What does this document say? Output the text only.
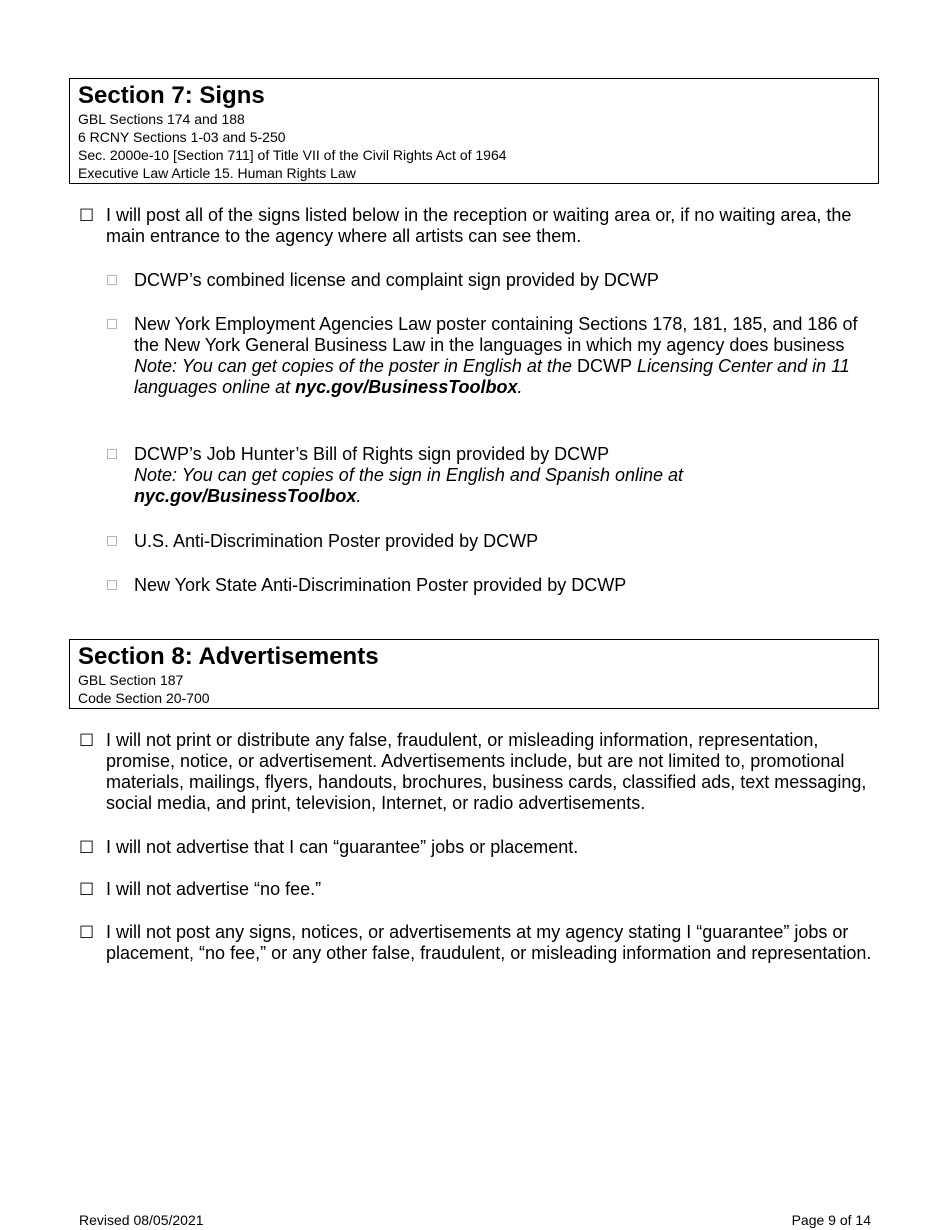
Section 7: Signs
GBL Sections 174 and 188
6 RCNY Sections 1-03 and 5-250
Sec. 2000e-10 [Section 711] of Title VII of the Civil Rights Act of 1964
Executive Law Article 15. Human Rights Law
☐ I will post all of the signs listed below in the reception or waiting area or, if no waiting area, the main entrance to the agency where all artists can see them.
DCWP’s combined license and complaint sign provided by DCWP
New York Employment Agencies Law poster containing Sections 178, 181, 185, and 186 of the New York General Business Law in the languages in which my agency does business
Note: You can get copies of the poster in English at the DCWP Licensing Center and in 11 languages online at nyc.gov/BusinessToolbox.
DCWP’s Job Hunter’s Bill of Rights sign provided by DCWP
Note: You can get copies of the sign in English and Spanish online at
nyc.gov/BusinessToolbox.
U.S. Anti-Discrimination Poster provided by DCWP
New York State Anti-Discrimination Poster provided by DCWP
Section 8: Advertisements
GBL Section 187
Code Section 20-700
☐ I will not print or distribute any false, fraudulent, or misleading information, representation, promise, notice, or advertisement. Advertisements include, but are not limited to, promotional materials, mailings, flyers, handouts, brochures, business cards, classified ads, text messaging, social media, and print, television, Internet, or radio advertisements.
☐ I will not advertise that I can “guarantee” jobs or placement.
☐ I will not advertise “no fee.”
☐ I will not post any signs, notices, or advertisements at my agency stating I “guarantee” jobs or placement, “no fee,” or any other false, fraudulent, or misleading information and representation.
Revised 08/05/2021	Page 9 of 14
